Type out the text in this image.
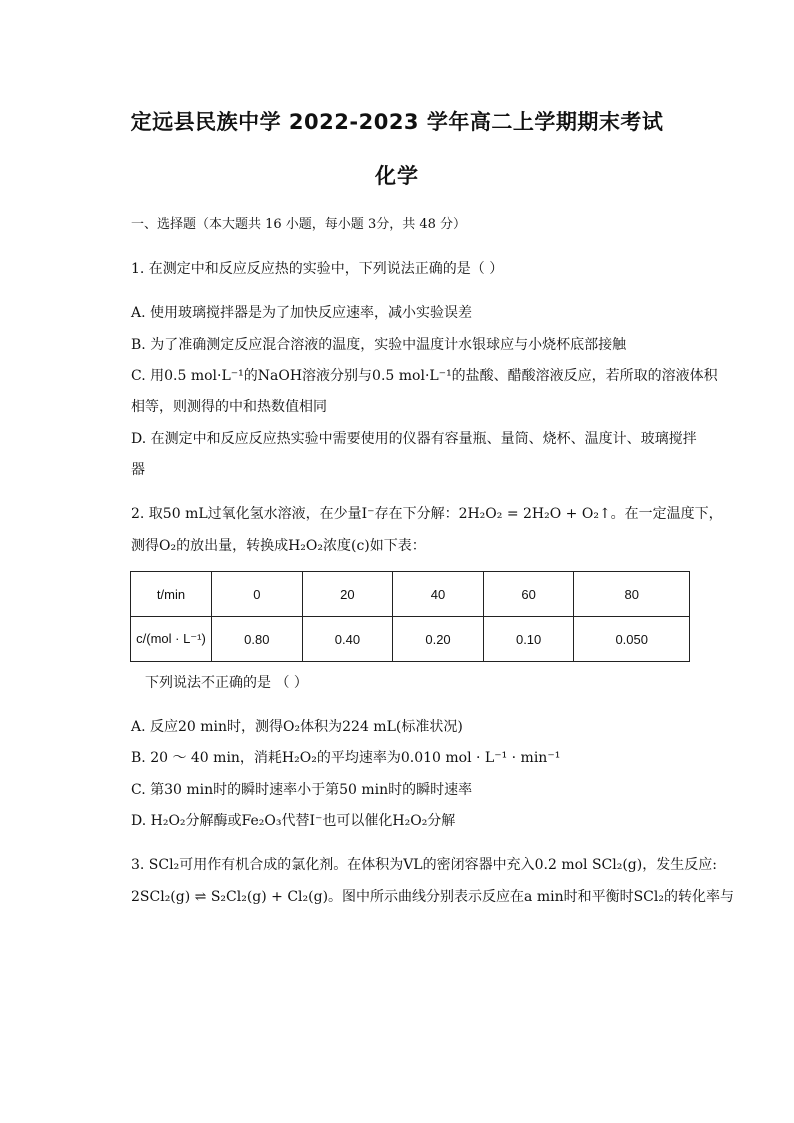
定远县民族中学 2022-2023 学年高二上学期期末考试
化学
一、选择题（本大题共 16 小题，每小题 3分，共 48 分）
1. 在测定中和反应反应热的实验中，下列说法正确的是（ ）
A. 使用玻璃搅拌器是为了加快反应速率，减小实验误差
B. 为了准确测定反应混合溶液的温度，实验中温度计水银球应与小烧杯底部接触
C. 用0.5 mol·L⁻¹的NaOH溶液分别与0.5 mol·L⁻¹的盐酸、醋酸溶液反应，若所取的溶液体积
相等，则测得的中和热数值相同
D. 在测定中和反应反应热实验中需要使用的仪器有容量瓶、量筒、烧杯、温度计、玻璃搅拌
器
2. 取50 mL过氧化氢水溶液，在少量I⁻存在下分解：2H₂O₂ = 2H₂O + O₂↑。在一定温度下，
测得O₂的放出量，转换成H₂O₂浓度(c)如下表：
t/min	0	20	40	60	80
c/(mol · L⁻¹)	0.80	0.40	0.20	0.10	0.050
下列说法不正确的是 （ ）
A. 反应20 min时，测得O₂体积为224 mL(标准状况)
B. 20 ～ 40 min，消耗H₂O₂的平均速率为0.010 mol · L⁻¹ · min⁻¹
C. 第30 min时的瞬时速率小于第50 min时的瞬时速率
D. H₂O₂分解酶或Fe₂O₃代替I⁻也可以催化H₂O₂分解
3. SCl₂可用作有机合成的氯化剂。在体积为VL的密闭容器中充入0.2 mol SCl₂(g)，发生反应:
2SCl₂(g) ⇌ S₂Cl₂(g) + Cl₂(g)。图中所示曲线分别表示反应在a min时和平衡时SCl₂的转化率与
